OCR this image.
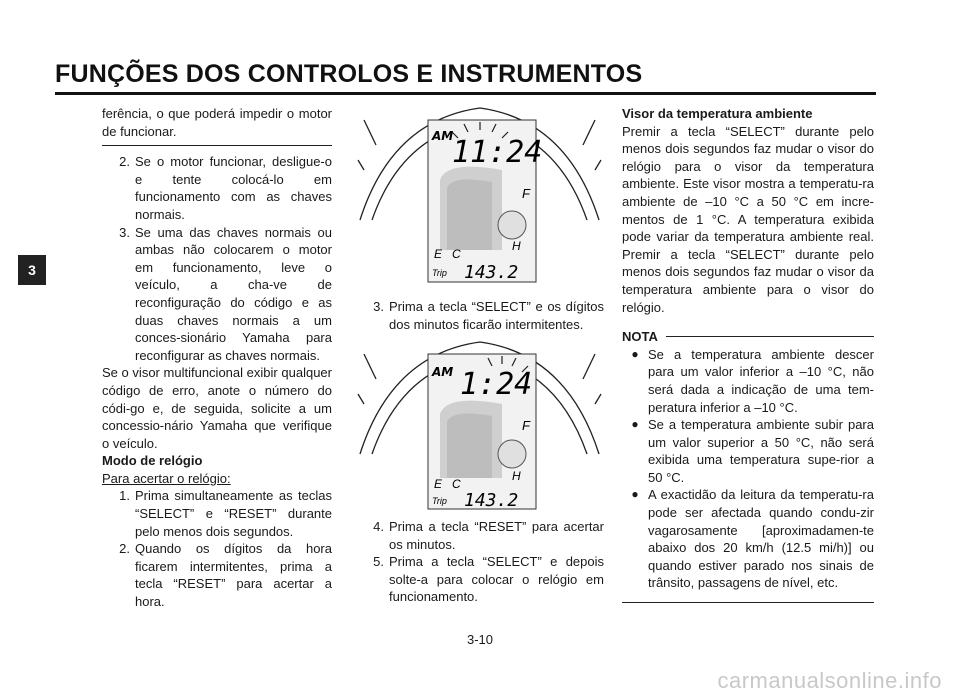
FUNÇÕES DOS CONTROLOS E INSTRUMENTOS
3

ferência, o que poderá impedir o motor de funcionar.

2. Se o motor funcionar, desligue-o e tente colocá-lo em funcionamento com as chaves normais.
3. Se uma das chaves normais ou ambas não colocarem o motor em funcionamento, leve o veículo, a cha-ve de reconfiguração do código e as duas chaves normais a um conces-sionário Yamaha para reconfigurar as chaves normais.

Se o visor multifuncional exibir qualquer código de erro, anote o número do códi-go e, de seguida, solicite a um concessio-nário Yamaha que verifique o veículo.

Modo de relógio

Para acertar o relógio:

1. Prima simultaneamente as teclas “SELECT” e “RESET” durante pelo menos dois segundos.
2. Quando os dígitos da hora ficarem intermitentes, prima a tecla “RESET” para acertar a hora.
AM
11:24
F
H
E C
Trip 143.2
3. Prima a tecla “SELECT” e os dígitos dos minutos ficarão intermitentes.
AM 1:24
F
H
E C
Trip 143.2
4. Prima a tecla “RESET” para acertar os minutos.
5. Prima a tecla “SELECT” e depois solte-a para colocar o relógio em funcionamento.

Visor da temperatura ambiente

Premir a tecla “SELECT” durante pelo menos dois segundos faz mudar o visor do relógio para o visor da temperatura ambiente. Este visor mostra a temperatu-ra ambiente de –10 °C a 50 °C em incre-mentos de 1 °C. A temperatura exibida pode variar da temperatura ambiente real. Premir a tecla “SELECT” durante pelo menos dois segundos faz mudar o visor da temperatura ambiente para o visor do relógio.

NOTA
● Se a temperatura ambiente descer para um valor inferior a –10 °C, não será dada a indicação de uma tem-peratura inferior a –10 °C.
● Se a temperatura ambiente subir para um valor superior a 50 °C, não será exibida uma temperatura supe-rior a 50 °C.
● A exactidão da leitura da temperatu-ra pode ser afectada quando condu-zir vagarosamente [aproximadamen-te abaixo dos 20 km/h (12.5 mi/h)] ou quando estiver parado nos sinais de trânsito, passagens de nível, etc.
3-10
carmanualsonline.info
